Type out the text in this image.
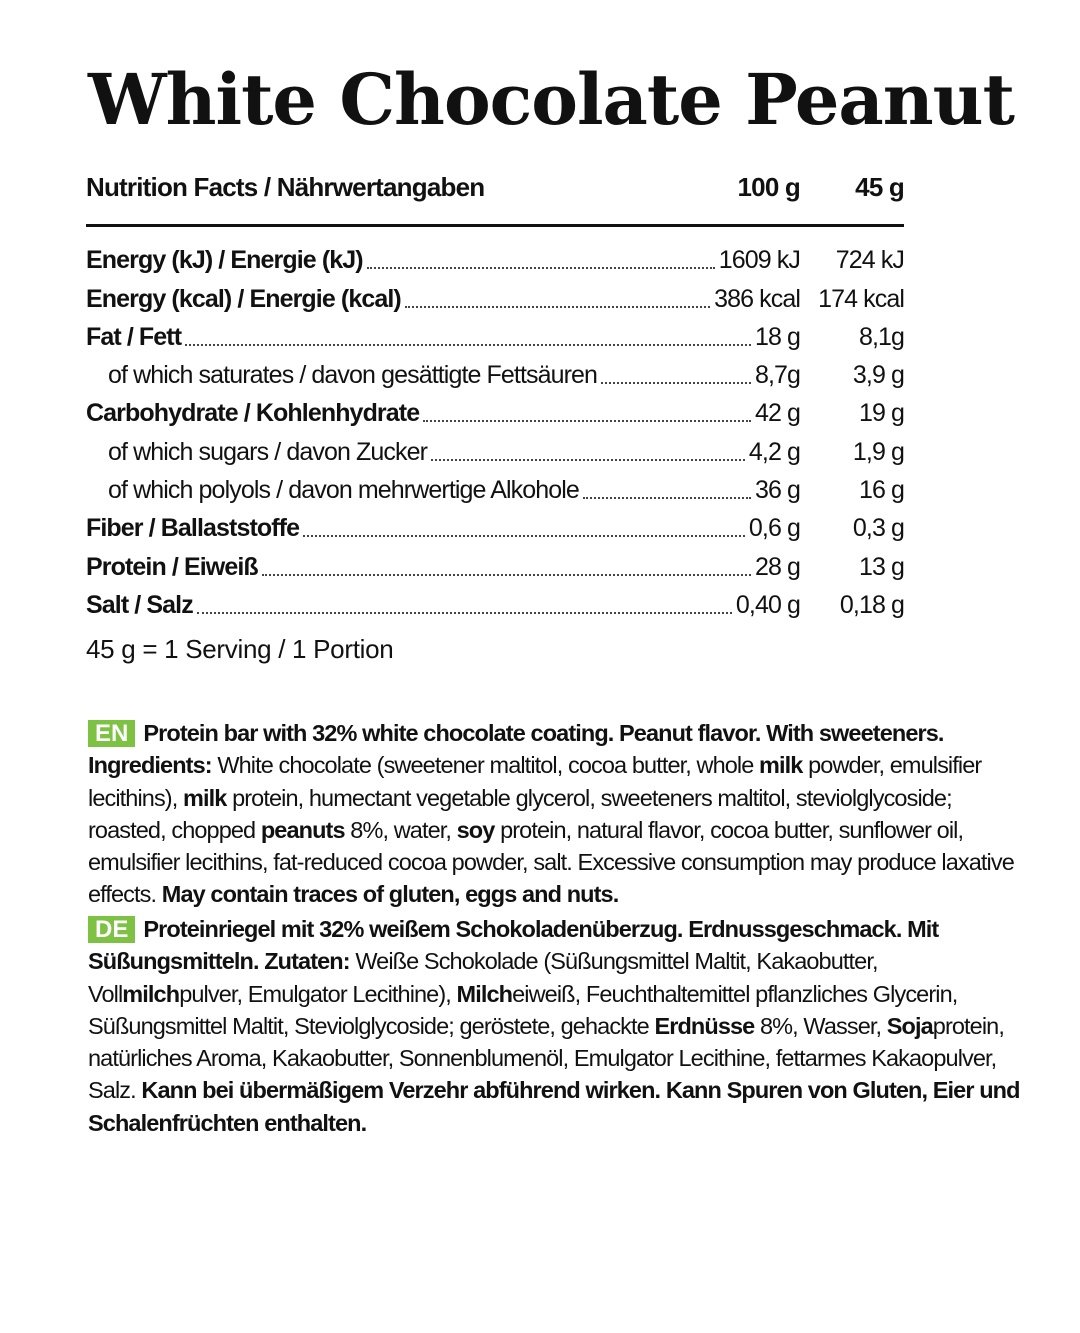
White Chocolate Peanut
Nutrition Facts / Nährwertangaben	100 g	45 g
Energy (kJ) / Energie (kJ)	1609 kJ	724 kJ
Energy (kcal) / Energie (kcal)	386 kcal 174 kcal
Fat / Fett	18 g	8,1g
of which saturates / davon gesättigte Fettsäuren	8,7g	3,9 g
Carbohydrate / Kohlenhydrate	42 g	19 g
of which sugars / davon Zucker	4,2 g	1,9 g
of which polyols / davon mehrwertige Alkohole	36 g	16 g
Fiber / Ballaststoffe	0,6 g	0,3 g
Protein / Eiweiß	28 g	13 g
Salt / Salz	0,40 g	0,18 g
45 g = 1 Serving / 1 Portion

EN Protein bar with 32% white chocolate coating. Peanut flavor. With sweeteners. Ingredients: White chocolate (sweetener maltitol, cocoa butter, whole milk powder, emulsifier lecithins), milk protein, humectant vegetable glycerol, sweeteners maltitol, steviolglycoside; roasted, chopped peanuts 8%, water, soy protein, natural flavor, cocoa butter, sunflower oil, emulsifier lecithins, fat-reduced cocoa powder, salt. Excessive consumption may produce laxative effects. May contain traces of gluten, eggs and nuts.

DE Proteinriegel mit 32% weißem Schokoladenüberzug. Erdnussgeschmack. Mit Süßungsmitteln. Zutaten: Weiße Schokolade (Süßungsmittel Maltit, Kakaobutter, Vollmilchpulver, Emulgator Lecithine), Milcheiweiß, Feuchthaltemittel pflanzliches Glycerin, Süßungsmittel Maltit, Steviolglycoside; geröstete, gehackte Erdnüsse 8%, Wasser, Sojaprotein, natürliches Aroma, Kakaobutter, Sonnenblumenöl, Emulgator Lecithine, fettarmes Kakaopulver, Salz. Kann bei übermäßigem Verzehr abführend wirken. Kann Spuren von Gluten, Eier und Schalenfrüchten enthalten.
